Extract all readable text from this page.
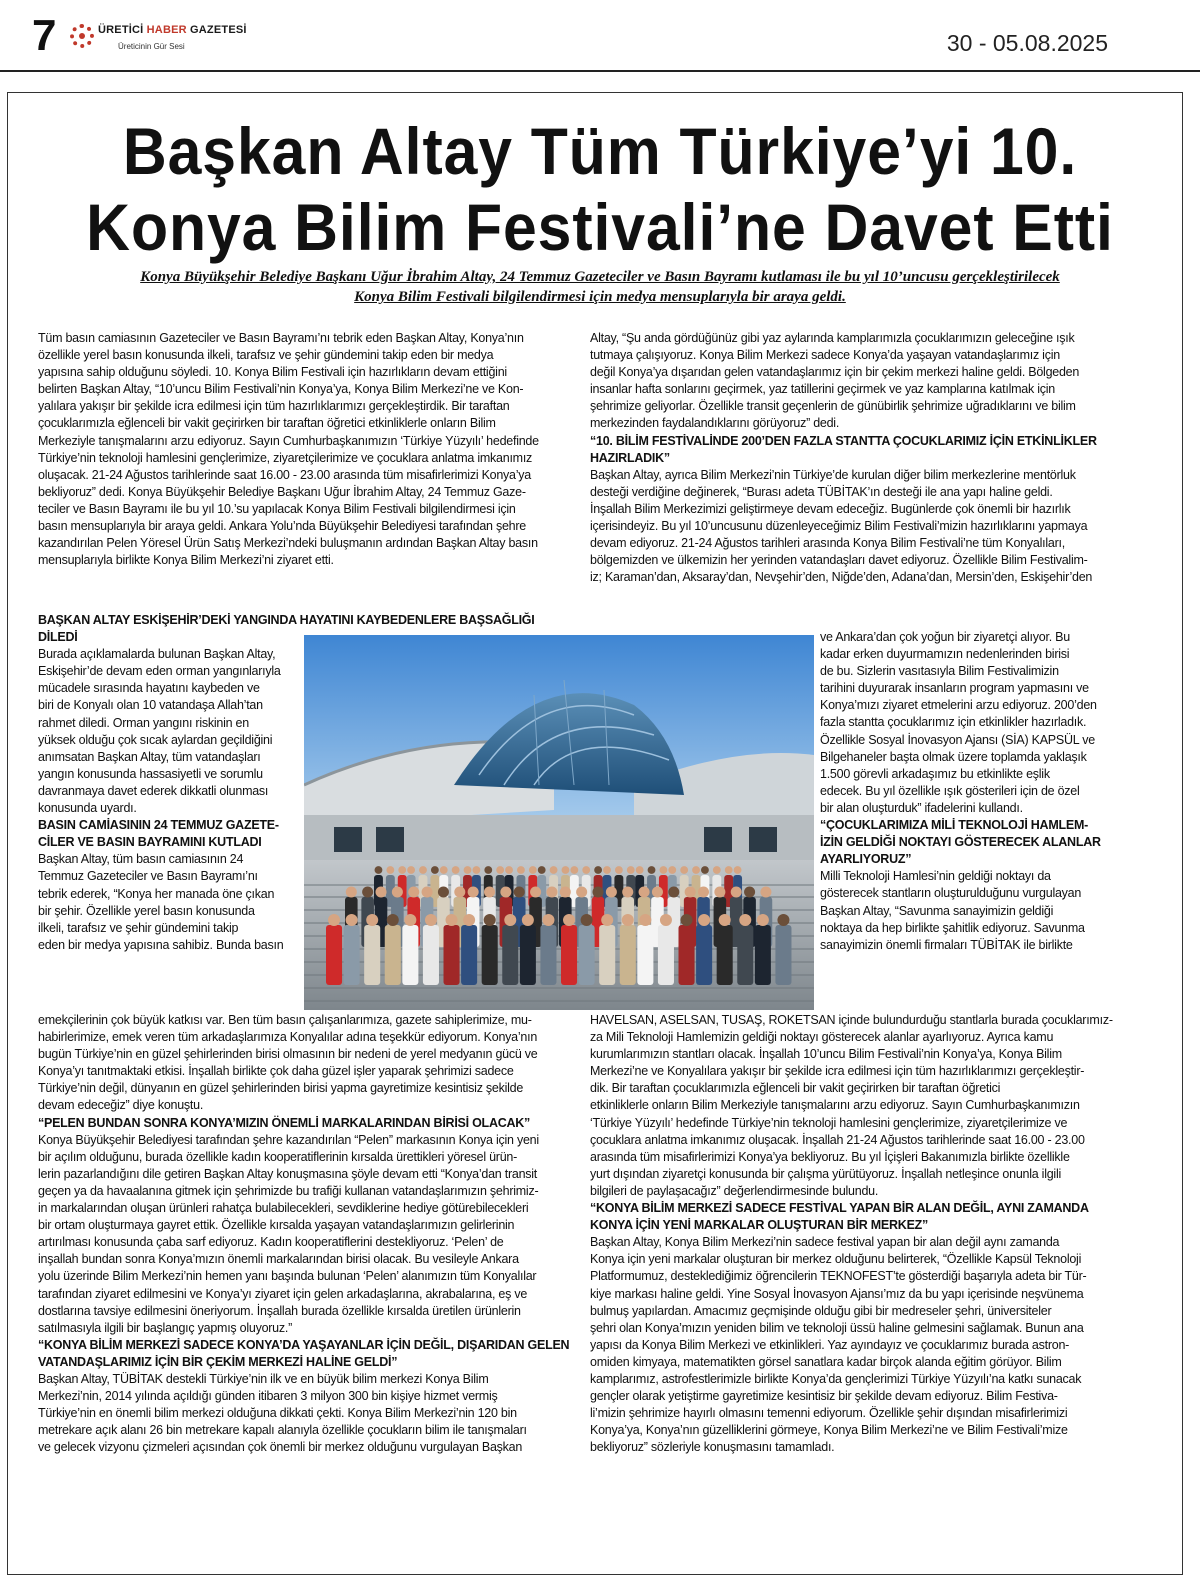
7	ÜRETİCİ HABER GAZETESİ
Üreticinin Gür Sesi	30 - 05.08.2025
Başkan Altay Tüm Türkiye’yi 10.
Konya Bilim Festivali’ne Davet Etti
Konya Büyükşehir Belediye Başkanı Uğur İbrahim Altay, 24 Temmuz Gazeteciler ve Basın Bayramı kutlaması ile bu yıl 10’uncusu gerçekleştirilecek
Konya Bilim Festivali bilgilendirmesi için medya mensuplarıyla bir araya geldi.
Tüm basın camiasının Gazeteciler ve Basın Bayramı’nı tebrik eden Başkan Altay, Konya’nın
özellikle yerel basın konusunda ilkeli, tarafsız ve şehir gündemini takip eden bir medya
yapısına sahip olduğunu söyledi. 10. Konya Bilim Festivali için hazırlıkların devam ettiğini
belirten Başkan Altay, “10’uncu Bilim Festivali’nin Konya’ya, Konya Bilim Merkezi’ne ve Kon-
yalılara yakışır bir şekilde icra edilmesi için tüm hazırlıklarımızı gerçekleştirdik. Bir taraftan
çocuklarımızla eğlenceli bir vakit geçirirken bir taraftan öğretici etkinliklerle onların Bilim
Merkeziyle tanışmalarını arzu ediyoruz. Sayın Cumhurbaşkanımızın ‘Türkiye Yüzyılı’ hedefinde
Türkiye’nin teknoloji hamlesini gençlerimize, ziyaretçilerimize ve çocuklara anlatma imkanımız
oluşacak. 21-24 Ağustos tarihlerinde saat 16.00 - 23.00 arasında tüm misafirlerimizi Konya’ya
bekliyoruz” dedi. Konya Büyükşehir Belediye Başkanı Uğur İbrahim Altay, 24 Temmuz Gaze-
teciler ve Basın Bayramı ile bu yıl 10.’su yapılacak Konya Bilim Festivali bilgilendirmesi için
basın mensuplarıyla bir araya geldi. Ankara Yolu’nda Büyükşehir Belediyesi tarafından şehre
kazandırılan Pelen Yöresel Ürün Satış Merkezi’ndeki buluşmanın ardından Başkan Altay basın
mensuplarıyla birlikte Konya Bilim Merkezi’ni ziyaret etti.
BAŞKAN ALTAY ESKİŞEHİR’DEKİ YANGINDA HAYATINI KAYBEDENLERE BAŞSAĞLIĞI
DİLEDİ
Burada açıklamalarda bulunan Başkan Altay,
Eskişehir’de devam eden orman yangınlarıyla
mücadele sırasında hayatını kaybeden ve
biri de Konyalı olan 10 vatandaşa Allah’tan
rahmet diledi. Orman yangını riskinin en
yüksek olduğu çok sıcak aylardan geçildiğini
anımsatan Başkan Altay, tüm vatandaşları
yangın konusunda hassasiyetli ve sorumlu
davranmaya davet ederek dikkatli olunması
konusunda uyardı.
BASIN CAMİASININ 24 TEMMUZ GAZETE-
CİLER VE BASIN BAYRAMINI KUTLADI
Başkan Altay, tüm basın camiasının 24
Temmuz Gazeteciler ve Basın Bayramı’nı
tebrik ederek, “Konya her manada öne çıkan
bir şehir. Özellikle yerel basın konusunda
ilkeli, tarafsız ve şehir gündemini takip
eden bir medya yapısına sahibiz. Bunda basın
emekçilerinin çok büyük katkısı var. Ben tüm basın çalışanlarımıza, gazete sahiplerimize, mu-
habirlerimize, emek veren tüm arkadaşlarımıza Konyalılar adına teşekkür ediyorum. Konya’nın
bugün Türkiye’nin en güzel şehirlerinden birisi olmasının bir nedeni de yerel medyanın gücü ve
Konya’yı tanıtmaktaki etkisi. İnşallah birlikte çok daha güzel işler yaparak şehrimizi sadece
Türkiye’nin değil, dünyanın en güzel şehirlerinden birisi yapma gayretimize kesintisiz şekilde
devam edeceğiz” diye konuştu.
“PELEN BUNDAN SONRA KONYA’MIZIN ÖNEMLİ MARKALARINDAN BİRİSİ OLACAK”
Konya Büyükşehir Belediyesi tarafından şehre kazandırılan “Pelen” markasının Konya için yeni
bir açılım olduğunu, burada özellikle kadın kooperatiflerinin kırsalda ürettikleri yöresel ürün-
lerin pazarlandığını dile getiren Başkan Altay konuşmasına şöyle devam etti “Konya’dan transit
geçen ya da havaalanına gitmek için şehrimizde bu trafiği kullanan vatandaşlarımızın şehrimiz-
in markalarından oluşan ürünleri rahatça bulabilecekleri, sevdiklerine hediye götürebilecekleri
bir ortam oluşturmaya gayret ettik. Özellikle kırsalda yaşayan vatandaşlarımızın gelirlerinin
artırılması konusunda çaba sarf ediyoruz. Kadın kooperatiflerini destekliyoruz. ‘Pelen’ de
inşallah bundan sonra Konya’mızın önemli markalarından birisi olacak. Bu vesileyle Ankara
yolu üzerinde Bilim Merkezi’nin hemen yanı başında bulunan ‘Pelen’ alanımızın tüm Konyalılar
tarafından ziyaret edilmesini ve Konya’yı ziyaret için gelen arkadaşlarına, akrabalarına, eş ve
dostlarına tavsiye edilmesini öneriyorum. İnşallah burada özellikle kırsalda üretilen ürünlerin
satılmasıyla ilgili bir başlangıç yapmış oluyoruz.”
“KONYA BİLİM MERKEZİ SADECE KONYA’DA YAŞAYANLAR İÇİN DEĞİL, DIŞARIDAN GELEN
VATANDAŞLARIMIZ İÇİN BİR ÇEKİM MERKEZİ HALİNE GELDİ”
Başkan Altay, TÜBİTAK destekli Türkiye’nin ilk ve en büyük bilim merkezi Konya Bilim
Merkezi’nin, 2014 yılında açıldığı günden itibaren 3 milyon 300 bin kişiye hizmet vermiş
Türkiye’nin en önemli bilim merkezi olduğuna dikkati çekti. Konya Bilim Merkezi’nin 120 bin
metrekare açık alanı 26 bin metrekare kapalı alanıyla özellikle çocukların bilim ile tanışmaları
ve gelecek vizyonu çizmeleri açısından çok önemli bir merkez olduğunu vurgulayan Başkan
Altay, “Şu anda gördüğünüz gibi yaz aylarında kamplarımızla çocuklarımızın geleceğine ışık
tutmaya çalışıyoruz. Konya Bilim Merkezi sadece Konya’da yaşayan vatandaşlarımız için
değil Konya’ya dışarıdan gelen vatandaşlarımız için bir çekim merkezi haline geldi. Bölgeden
insanlar hafta sonlarını geçirmek, yaz tatillerini geçirmek ve yaz kamplarına katılmak için
şehrimize geliyorlar. Özellikle transit geçenlerin de günübirlik şehrimize uğradıklarını ve bilim
merkezinden faydalandıklarını görüyoruz” dedi.
“10. BİLİM FESTİVALİNDE 200’DEN FAZLA STANTTA ÇOCUKLARIMIZ İÇİN ETKİNLİKLER
HAZIRLADIK”
Başkan Altay, ayrıca Bilim Merkezi’nin Türkiye’de kurulan diğer bilim merkezlerine mentörluk
desteği verdiğine değinerek, “Burası adeta TÜBİTAK’ın desteği ile ana yapı haline geldi.
İnşallah Bilim Merkezimizi geliştirmeye devam edeceğiz. Bugünlerde çok önemli bir hazırlık
içerisindeyiz. Bu yıl 10’uncusunu düzenleyeceğimiz Bilim Festivali’mizin hazırlıklarını yapmaya
devam ediyoruz. 21-24 Ağustos tarihleri arasında Konya Bilim Festivali’ne tüm Konyalıları,
bölgemizden ve ülkemizin her yerinden vatandaşları davet ediyoruz. Özellikle Bilim Festivalim-
iz; Karaman’dan, Aksaray’dan, Nevşehir’den, Niğde’den, Adana’dan, Mersin’den, Eskişehir’den
ve Ankara’dan çok yoğun bir ziyaretçi alıyor. Bu
kadar erken duyurmamızın nedenlerinden birisi
de bu. Sizlerin vasıtasıyla Bilim Festivalimizin
tarihini duyurarak insanların program yapmasını ve
Konya’mızı ziyaret etmelerini arzu ediyoruz. 200’den
fazla stantta çocuklarımız için etkinlikler hazırladık.
Özellikle Sosyal İnovasyon Ajansı (SİA) KAPSÜL ve
Bilgehaneler başta olmak üzere toplamda yaklaşık
1.500 görevli arkadaşımız bu etkinlikte eşlik
edecek. Bu yıl özellikle ışık gösterileri için de özel
bir alan oluşturduk” ifadelerini kullandı.
“ÇOCUKLARIMIZA MİLİ TEKNOLOJİ HAMLEM-
İZİN GELDİĞİ NOKTAYI GÖSTERECEK ALANLAR
AYARLIYORUZ”
Milli Teknoloji Hamlesi’nin geldiği noktayı da
gösterecek stantların oluşturulduğunu vurgulayan
Başkan Altay, “Savunma sanayimizin geldiği
noktaya da hep birlikte şahitlik ediyoruz. Savunma
sanayimizin önemli firmaları TÜBİTAK ile birlikte
HAVELSAN, ASELSAN, TUSAŞ, ROKETSAN içinde bulundurduğu stantlarla burada çocuklarımız-
za Mili Teknoloji Hamlemizin geldiği noktayı gösterecek alanlar ayarlıyoruz. Ayrıca kamu
kurumlarımızın stantları olacak. İnşallah 10’uncu Bilim Festivali’nin Konya’ya, Konya Bilim
Merkezi’ne ve Konyalılara yakışır bir şekilde icra edilmesi için tüm hazırlıklarımızı gerçekleştir-
dik. Bir taraftan çocuklarımızla eğlenceli bir vakit geçirirken bir taraftan öğretici
etkinliklerle onların Bilim Merkeziyle tanışmalarını arzu ediyoruz. Sayın Cumhurbaşkanımızın
‘Türkiye Yüzyılı’ hedefinde Türkiye’nin teknoloji hamlesini gençlerimize, ziyaretçilerimize ve
çocuklara anlatma imkanımız oluşacak. İnşallah 21-24 Ağustos tarihlerinde saat 16.00 - 23.00
arasında tüm misafirlerimizi Konya’ya bekliyoruz. Bu yıl İçişleri Bakanımızla birlikte özellikle
yurt dışından ziyaretçi konusunda bir çalışma yürütüyoruz. İnşallah netleşince onunla ilgili
bilgileri de paylaşacağız” değerlendirmesinde bulundu.
“KONYA BİLİM MERKEZİ SADECE FESTİVAL YAPAN BİR ALAN DEĞİL, AYNI ZAMANDA
KONYA İÇİN YENİ MARKALAR OLUŞTURAN BİR MERKEZ”
Başkan Altay, Konya Bilim Merkezi’nin sadece festival yapan bir alan değil aynı zamanda
Konya için yeni markalar oluşturan bir merkez olduğunu belirterek, “Özellikle Kapsül Teknoloji
Platformumuz, desteklediğimiz öğrencilerin TEKNOFEST’te gösterdiği başarıyla adeta bir Tür-
kiye markası haline geldi. Yine Sosyal İnovasyon Ajansı’mız da bu yapı içerisinde neşvünema
bulmuş yapılardan. Amacımız geçmişinde olduğu gibi bir medreseler şehri, üniversiteler
şehri olan Konya’mızın yeniden bilim ve teknoloji üssü haline gelmesini sağlamak. Bunun ana
yapısı da Konya Bilim Merkezi ve etkinlikleri. Yaz ayındayız ve çocuklarımız burada astron-
omiden kimyaya, matematikten görsel sanatlara kadar birçok alanda eğitim görüyor. Bilim
kamplarımız, astrofestlerimizle birlikte Konya’da gençlerimizi Türkiye Yüzyılı’na katkı sunacak
gençler olarak yetiştirme gayretimize kesintisiz bir şekilde devam ediyoruz. Bilim Festiva-
li’mizin şehrimize hayırlı olmasını temenni ediyorum. Özellikle şehir dışından misafirlerimizi
Konya’ya, Konya’nın güzelliklerini görmeye, Konya Bilim Merkezi’ne ve Bilim Festivali’mize
bekliyoruz” sözleriyle konuşmasını tamamladı.
